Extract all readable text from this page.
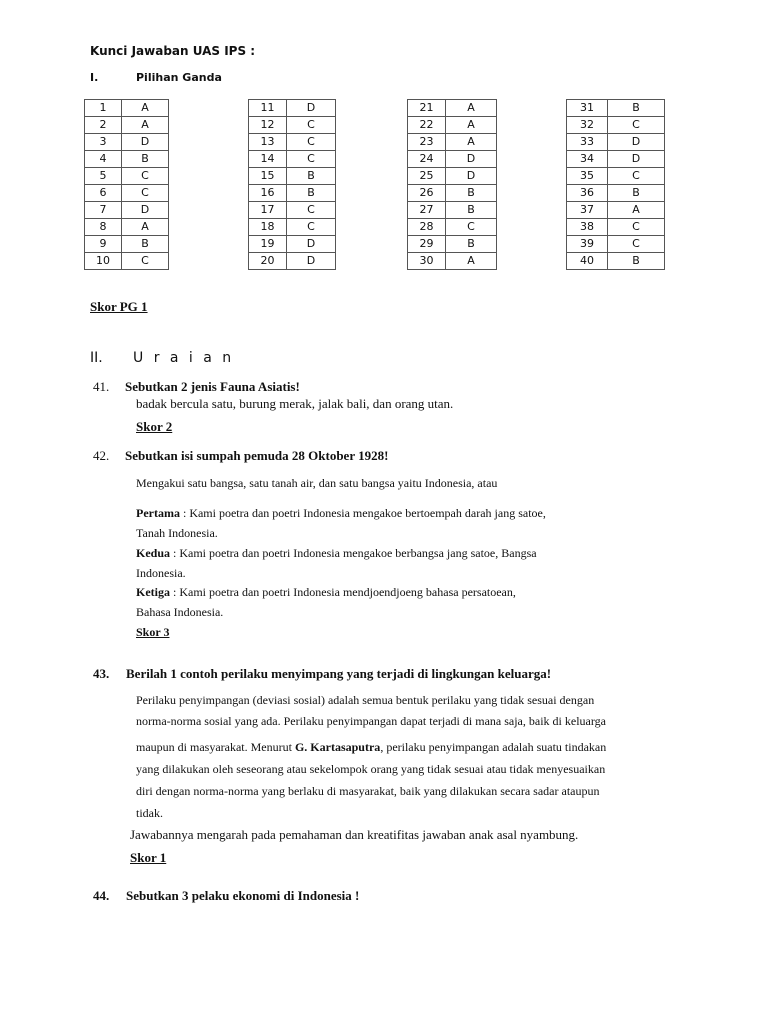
Kunci Jawaban UAS IPS :
I.	Pilihan Ganda
1	A
2	A
3	D
4	B
5	C
6	C
7	D
8	A
9	B
10	C
11	D
12	C
13	C
14	C
15	B
16	B
17	C
18	C
19	D
20	D
21	A
22	A
23	A
24	D
25	D
26	B
27	B
28	C
29	B
30	A
31	B
32	C
33	D
34	D
35	C
36	B
37	A
38	C
39	C
40	B
Skor PG 1
II. U r a i a n
41. Sebutkan 2 jenis Fauna Asiatis!
badak bercula satu, burung merak, jalak bali, dan orang utan.
Skor 2
42. Sebutkan isi sumpah pemuda 28 Oktober 1928!
Mengakui satu bangsa, satu tanah air, dan satu bangsa yaitu Indonesia, atau
Pertama : Kami poetra dan poetri Indonesia mengakoe bertoempah darah jang satoe,
Tanah Indonesia.
Kedua : Kami poetra dan poetri Indonesia mengakoe berbangsa jang satoe, Bangsa
Indonesia.
Ketiga : Kami poetra dan poetri Indonesia mendjoendjoeng bahasa persatoean,
Bahasa Indonesia.
Skor 3
43. Berilah 1 contoh perilaku menyimpang yang terjadi di lingkungan keluarga!
Perilaku penyimpangan (deviasi sosial) adalah semua bentuk perilaku yang tidak sesuai dengan
norma-norma sosial yang ada. Perilaku penyimpangan dapat terjadi di mana saja, baik di keluarga
maupun di masyarakat. Menurut G. Kartasaputra, perilaku penyimpangan adalah suatu tindakan
yang dilakukan oleh seseorang atau sekelompok orang yang tidak sesuai atau tidak menyesuaikan
diri dengan norma-norma yang berlaku di masyarakat, baik yang dilakukan secara sadar ataupun
tidak.
Jawabannya mengarah pada pemahaman dan kreatifitas jawaban anak asal nyambung.
Skor 1
44. Sebutkan 3 pelaku ekonomi di Indonesia !
